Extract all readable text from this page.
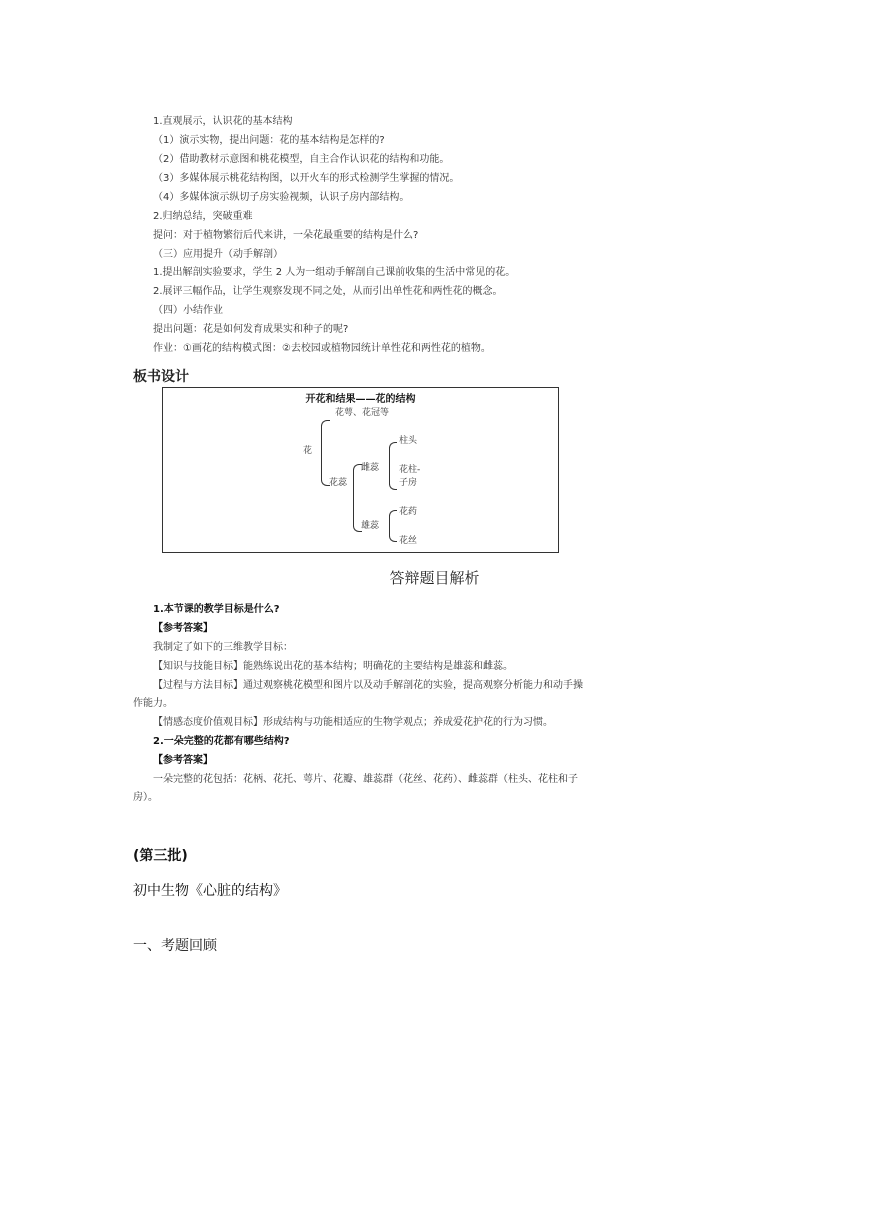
1.直观展示，认识花的基本结构
（1）演示实物，提出问题：花的基本结构是怎样的?
（2）借助教材示意图和桃花模型，自主合作认识花的结构和功能。
（3）多媒体展示桃花结构图，以开火车的形式检测学生掌握的情况。
（4）多媒体演示纵切子房实验视频，认识子房内部结构。
2.归纳总结，突破重难
提问：对于植物繁衍后代来讲，一朵花最重要的结构是什么?
（三）应用提升（动手解剖）
1.提出解剖实验要求，学生 2 人为一组动手解剖自己课前收集的生活中常见的花。
2.展评三幅作品，让学生观察发现不同之处，从而引出单性花和两性花的概念。
（四）小结作业
提出问题：花是如何发育成果实和种子的呢?
作业：①画花的结构模式图：②去校园或植物园统计单性花和两性花的植物。
板书设计
开花和结果——花的结构
花
花萼、花冠等
花蕊
雌蕊
柱头
花柱-
子房
雄蕊
花药
花丝
答辩题目解析
1.本节课的教学目标是什么?
【参考答案】
我制定了如下的三维教学目标：
【知识与技能目标】能熟练说出花的基本结构；明确花的主要结构是雄蕊和雌蕊。
【过程与方法目标】通过观察桃花模型和图片以及动手解剖花的实验，提高观察分析能力和动手操
作能力。
【情感态度价值观目标】形成结构与功能相适应的生物学观点；养成爱花护花的行为习惯。
2.一朵完整的花都有哪些结构?
【参考答案】
一朵完整的花包括：花柄、花托、萼片、花瓣、雄蕊群（花丝、花药）、雌蕊群（柱头、花柱和子
房）。
(第三批)
初中生物《心脏的结构》
一、考题回顾
